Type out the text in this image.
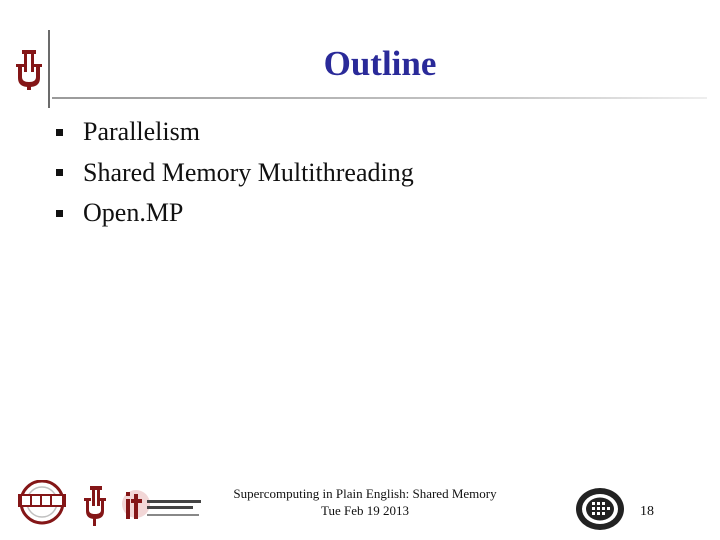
Outline
Parallelism
Shared Memory Multithreading
Open.MP
Supercomputing in Plain English: Shared Memory
Tue Feb 19 2013	18
